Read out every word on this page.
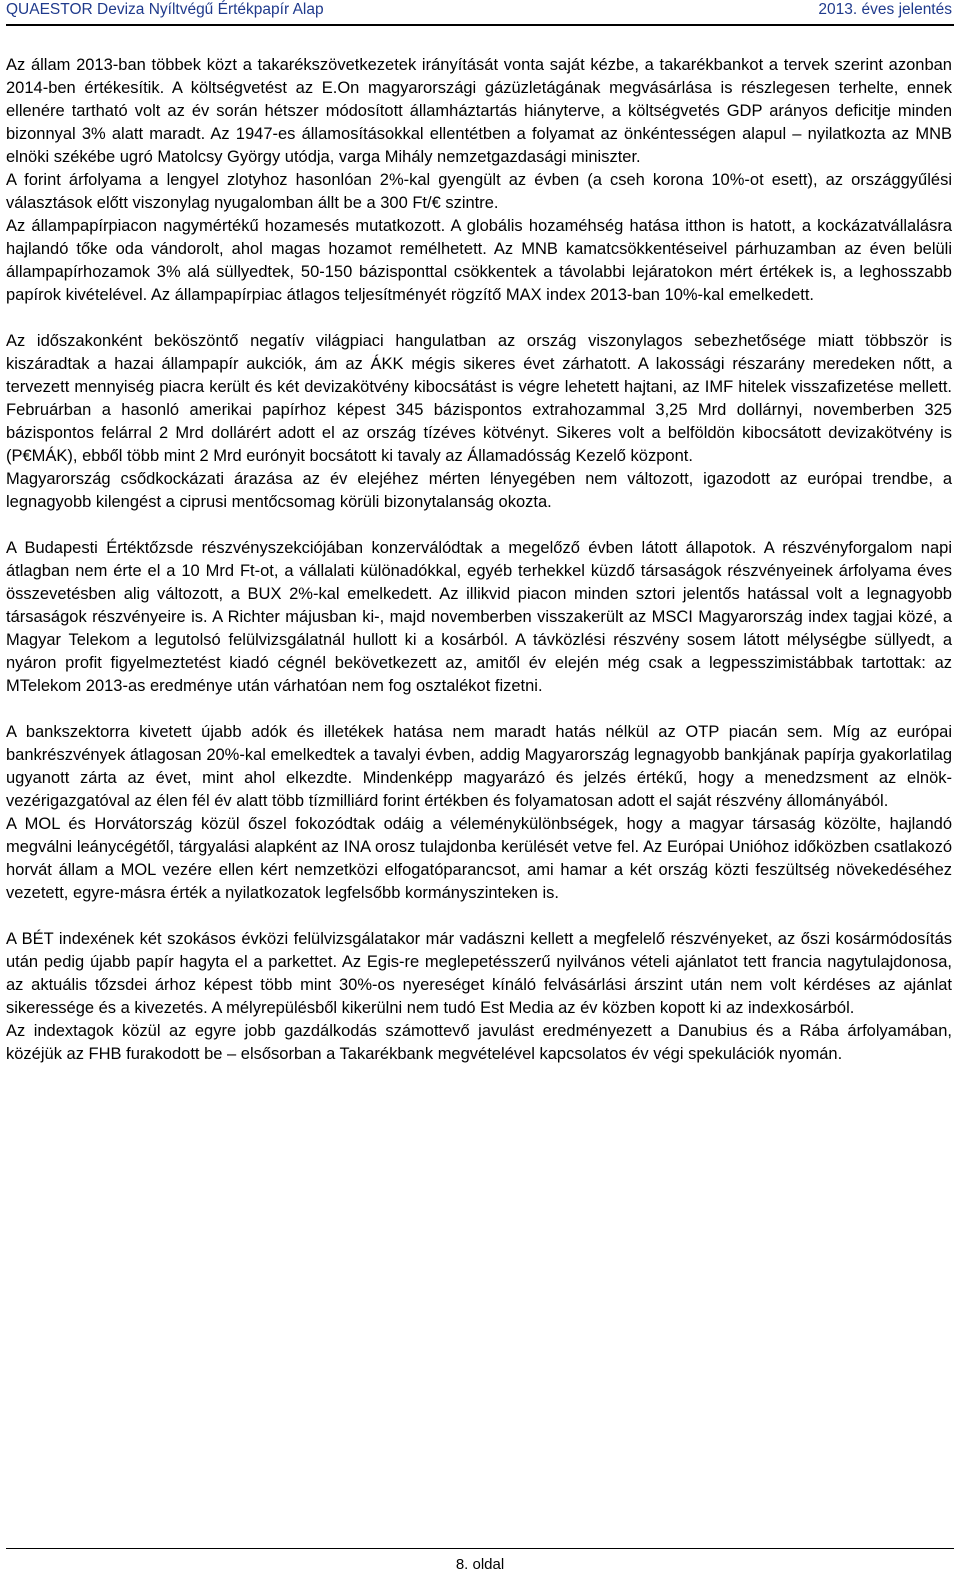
QUAESTOR Deviza Nyíltvégű Értékpapír Alap	2013. éves jelentés

Az állam 2013-ban többek közt a takarékszövetkezetek irányítását vonta saját kézbe, a takarékbankot a tervek szerint azonban 2014-ben értékesítik. A költségvetést az E.On magyarországi gázüzletágának megvásárlása is részlegesen terhelte, ennek ellenére tartható volt az év során hétszer módosított államháztartás hiányterve, a költségvetés GDP arányos deficitje minden bizonnyal 3% alatt maradt. Az 1947-es államosításokkal ellentétben a folyamat az önkéntességen alapul – nyilatkozta az MNB elnöki székébe ugró Matolcsy György utódja, varga Mihály nemzetgazdasági miniszter.

A forint árfolyama a lengyel zlotyhoz hasonlóan 2%-kal gyengült az évben (a cseh korona 10%-ot esett), az országgyűlési választások előtt viszonylag nyugalomban állt be a 300 Ft/€ szintre.

Az állampapírpiacon nagymértékű hozamesés mutatkozott. A globális hozaméhség hatása itthon is hatott, a kockázatvállalásra hajlandó tőke oda vándorolt, ahol magas hozamot remélhetett. Az MNB kamatcsökkentéseivel párhuzamban az éven belüli állampapírhozamok 3% alá süllyedtek, 50-150 bázisponttal csökkentek a távolabbi lejáratokon mért értékek is, a leghosszabb papírok kivételével. Az állampapírpiac átlagos teljesítményét rögzítő MAX index 2013-ban 10%-kal emelkedett.

Az időszakonként beköszöntő negatív világpiaci hangulatban az ország viszonylagos sebezhetősége miatt többször is kiszáradtak a hazai állampapír aukciók, ám az ÁKK mégis sikeres évet zárhatott. A lakossági részarány meredeken nőtt, a tervezett mennyiség piacra került és két devizakötvény kibocsátást is végre lehetett hajtani, az IMF hitelek visszafizetése mellett. Februárban a hasonló amerikai papírhoz képest 345 bázispontos extrahozammal 3,25 Mrd dollárnyi, novemberben 325 bázispontos felárral 2 Mrd dollárért adott el az ország tízéves kötvényt. Sikeres volt a belföldön kibocsátott devizakötvény is (P€MÁK), ebből több mint 2 Mrd eurónyit bocsátott ki tavaly az Államadósság Kezelő központ.

Magyarország csődkockázati árazása az év elejéhez mérten lényegében nem változott, igazodott az európai trendbe, a legnagyobb kilengést a ciprusi mentőcsomag körüli bizonytalanság okozta.

A Budapesti Értéktőzsde részvényszekciójában konzerválódtak a megelőző évben látott állapotok. A részvényforgalom napi átlagban nem érte el a 10 Mrd Ft-ot, a vállalati különadókkal, egyéb terhekkel küzdő társaságok részvényeinek árfolyama éves összevetésben alig változott, a BUX 2%-kal emelkedett. Az illikvid piacon minden sztori jelentős hatással volt a legnagyobb társaságok részvényeire is. A Richter májusban ki-, majd novemberben visszakerült az MSCI Magyarország index tagjai közé, a Magyar Telekom a legutolsó felülvizsgálatnál hullott ki a kosárból. A távközlési részvény sosem látott mélységbe süllyedt, a nyáron profit figyelmeztetést kiadó cégnél bekövetkezett az, amitől év elején még csak a legpesszimistábbak tartottak: az MTelekom 2013-as eredménye után várhatóan nem fog osztalékot fizetni.

A bankszektorra kivetett újabb adók és illetékek hatása nem maradt hatás nélkül az OTP piacán sem. Míg az európai bankrészvények átlagosan 20%-kal emelkedtek a tavalyi évben, addig Magyarország legnagyobb bankjának papírja gyakorlatilag ugyanott zárta az évet, mint ahol elkezdte. Mindenképp magyarázó és jelzés értékű, hogy a menedzsment az elnök-vezérigazgatóval az élen fél év alatt több tízmilliárd forint értékben és folyamatosan adott el saját részvény állományából.

A MOL és Horvátország közül őszel fokozódtak odáig a véleménykülönbségek, hogy a magyar társaság közölte, hajlandó megválni leánycégétől, tárgyalási alapként az INA orosz tulajdonba kerülését vetve fel. Az Európai Unióhoz időközben csatlakozó horvát állam a MOL vezére ellen kért nemzetközi elfogatóparancsot, ami hamar a két ország közti feszültség növekedéséhez vezetett, egyre-másra érték a nyilatkozatok legfelsőbb kormányszinteken is.

A BÉT indexének két szokásos évközi felülvizsgálatakor már vadászni kellett a megfelelő részvényeket, az őszi kosármódosítás után pedig újabb papír hagyta el a parkettet. Az Egis-re meglepetésszerű nyilvános vételi ajánlatot tett francia nagytulajdonosa, az aktuális tőzsdei árhoz képest több mint 30%-os nyereséget kínáló felvásárlási árszint után nem volt kérdéses az ajánlat sikeressége és a kivezetés. A mélyrepülésből kikerülni nem tudó Est Media az év közben kopott ki az indexkosárból.

Az indextagok közül az egyre jobb gazdálkodás számottevő javulást eredményezett a Danubius és a Rába árfolyamában, közéjük az FHB furakodott be – elsősorban a Takarékbank megvételével kapcsolatos év végi spekulációk nyomán.

8. oldal
